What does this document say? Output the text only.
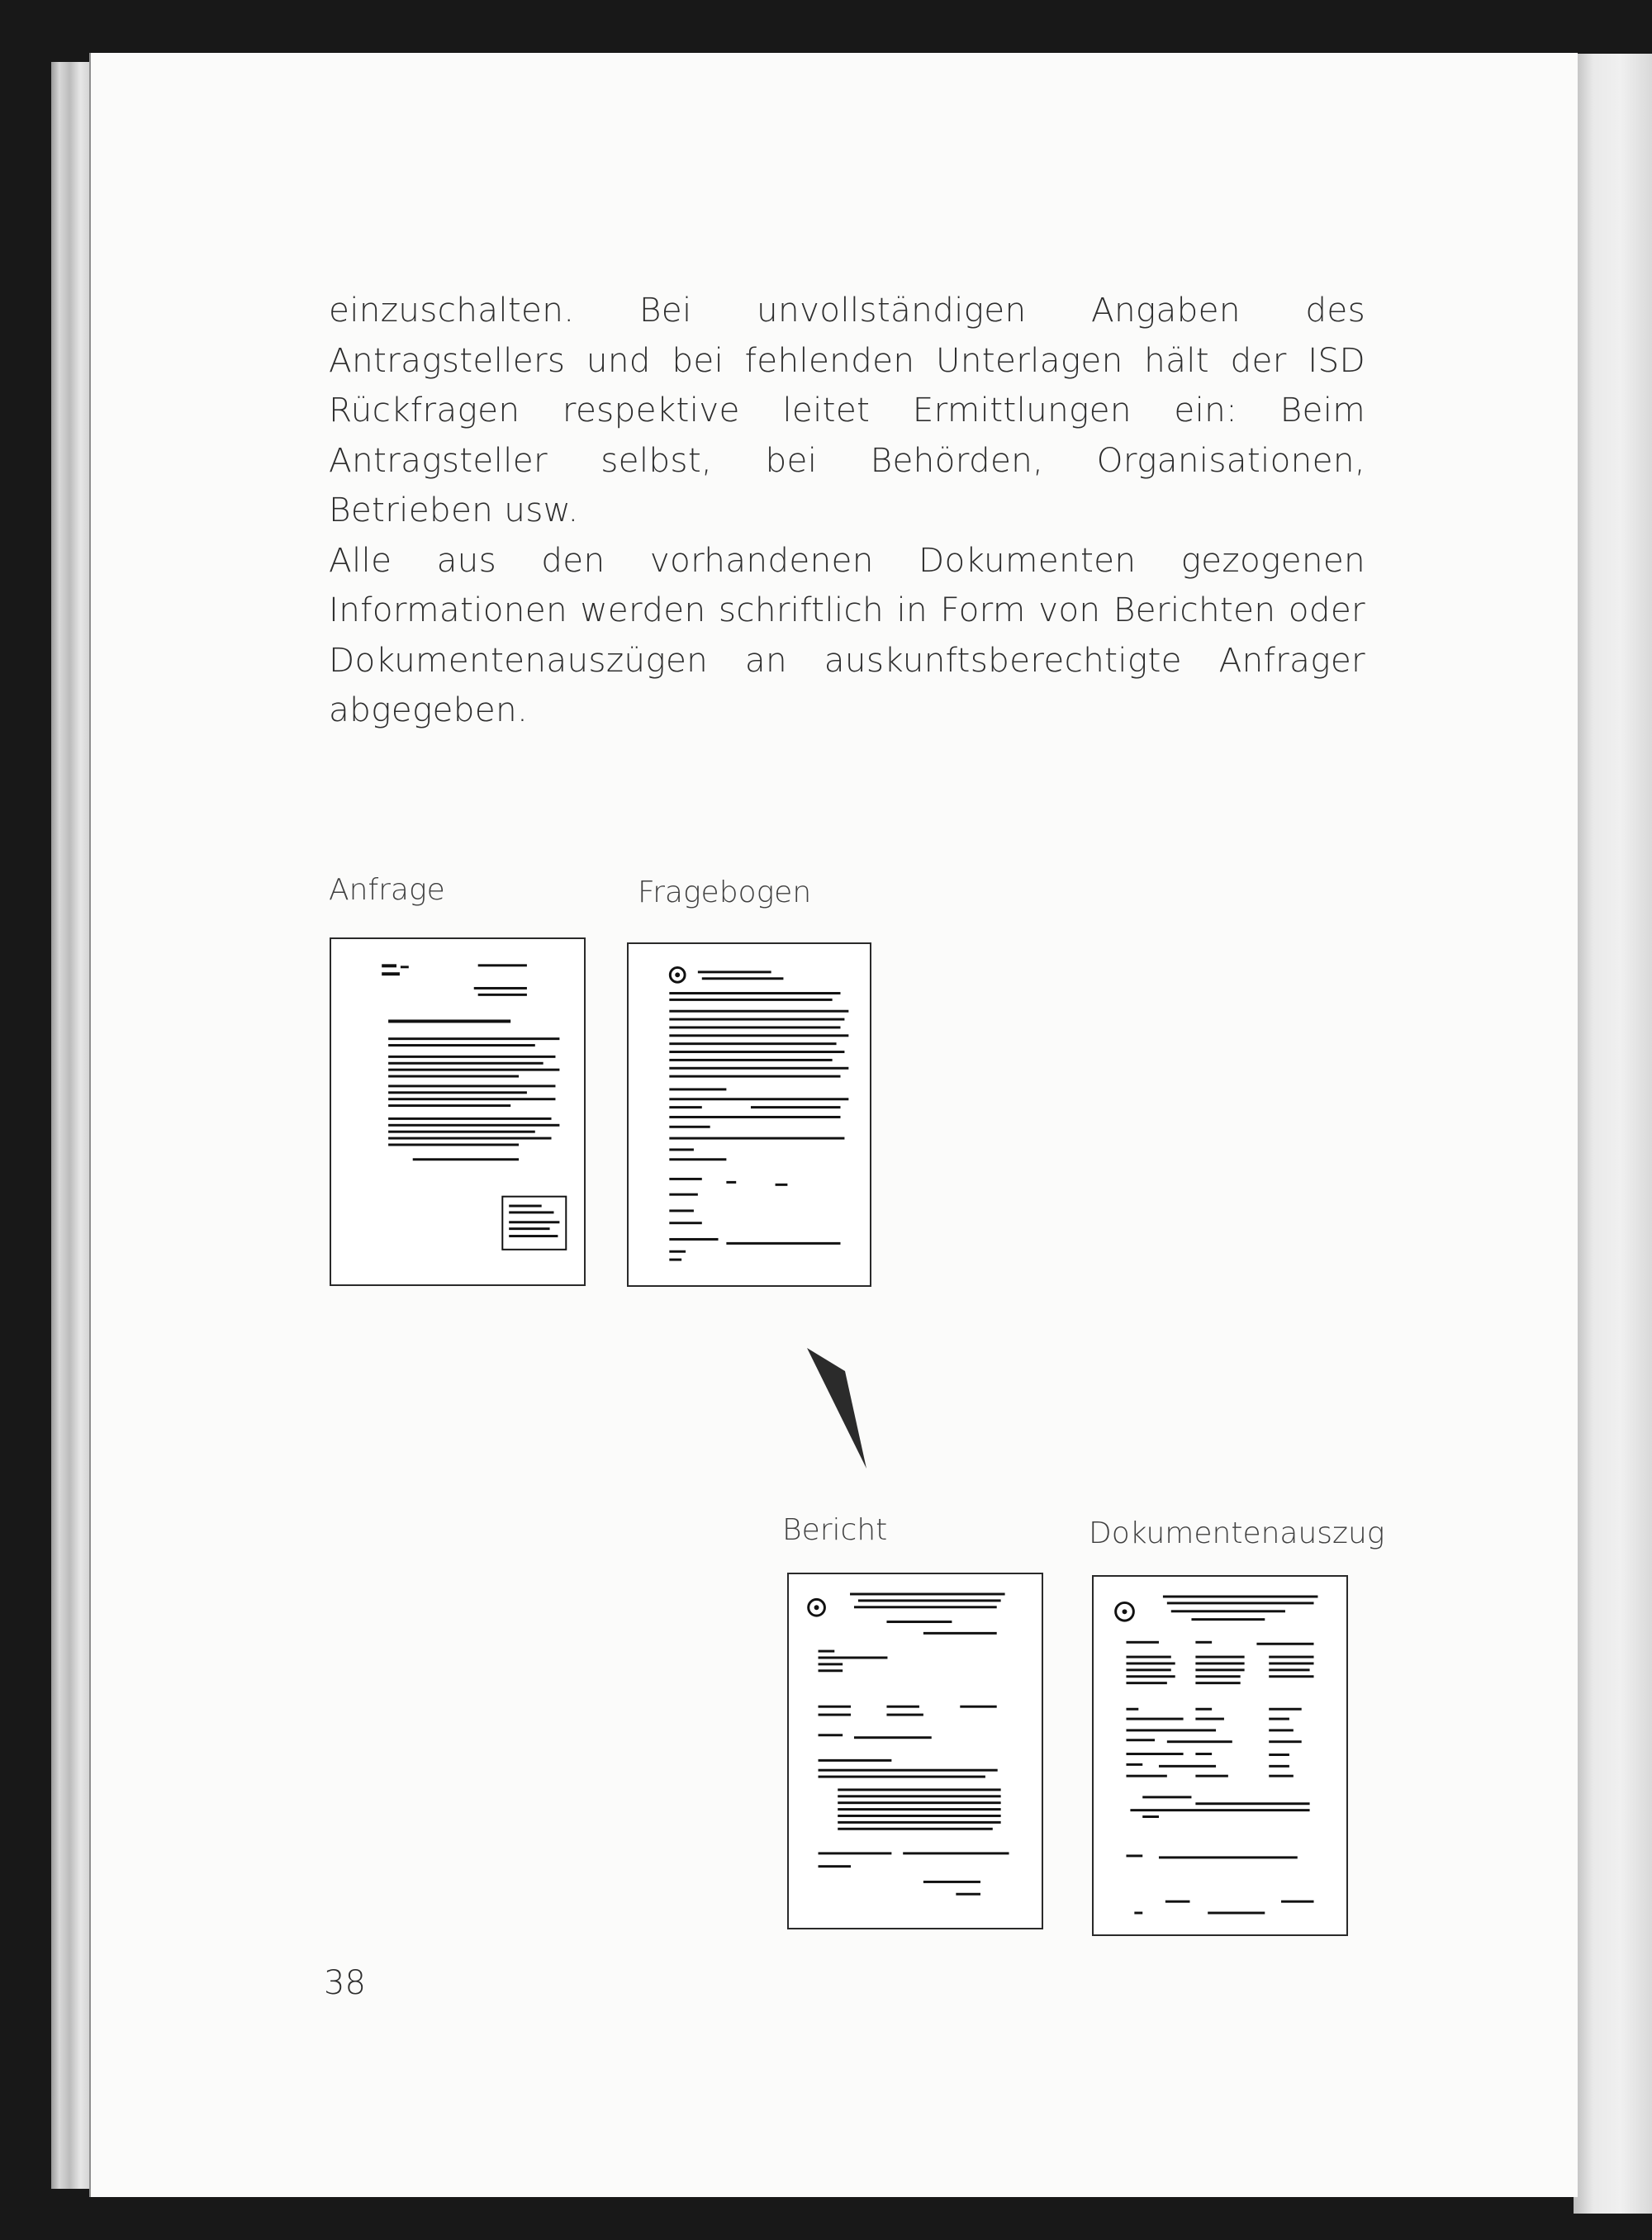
einzuschalten. Bei unvollständigen Angaben des Antragstellers und bei fehlenden Unterlagen hält der ISD Rückfragen respektive leitet Ermittlungen ein: Beim Antragsteller selbst, bei Behörden, Organisationen, Betrieben usw.

Alle aus den vorhandenen Dokumenten gezogenen Informationen werden schriftlich in Form von Berichten oder Dokumentenauszügen an auskunftsberechtigte Anfrager abgegeben.

Anfrage	Fragebogen
Bericht	Dokumentenauszug
38
